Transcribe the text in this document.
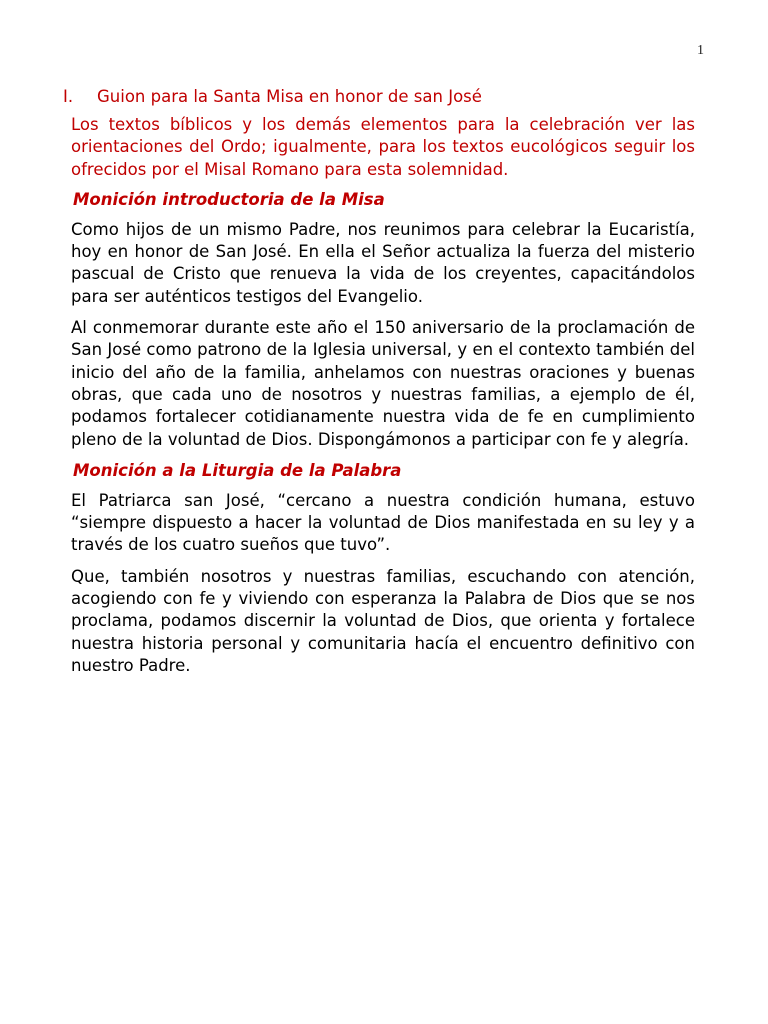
1
I.	Guion para la Santa Misa en honor de san José

Los textos bíblicos y los demás elementos para la celebración ver las orientaciones del Ordo; igualmente, para los textos eucológicos seguir los ofrecidos por el Misal Romano para esta solemnidad.

Monición introductoria de la Misa

Como hijos de un mismo Padre, nos reunimos para celebrar la Eucaristía, hoy en honor de San José. En ella el Señor actualiza la fuerza del misterio pascual de Cristo que renueva la vida de los creyentes, capacitándolos para ser auténticos testigos del Evangelio.

Al conmemorar durante este año el 150 aniversario de la proclamación de San José como patrono de la Iglesia universal, y en el contexto también del inicio del año de la familia, anhelamos con nuestras oraciones y buenas obras, que cada uno de nosotros y nuestras familias, a ejemplo de él, podamos fortalecer cotidianamente nuestra vida de fe en cumplimiento pleno de la voluntad de Dios. Dispongámonos a participar con fe y alegría.

Monición a la Liturgia de la Palabra

El Patriarca san José, “cercano a nuestra condición humana, estuvo “siempre dispuesto a hacer la voluntad de Dios manifestada en su ley y a través de los cuatro sueños que tuvo”.

Que, también nosotros y nuestras familias, escuchando con atención, acogiendo con fe y viviendo con esperanza la Palabra de Dios que se nos proclama, podamos discernir la voluntad de Dios, que orienta y fortalece nuestra historia personal y comunitaria hacía el encuentro definitivo con nuestro Padre.
